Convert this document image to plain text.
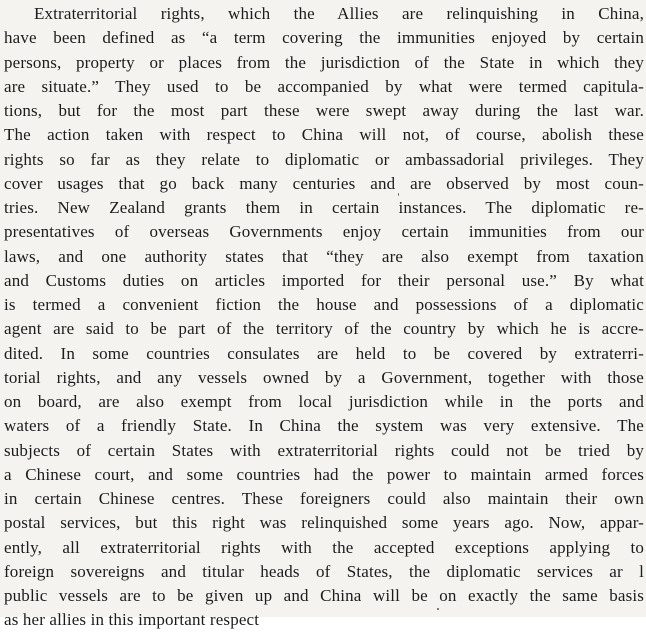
Extraterritorial rights, which the Allies are relinquishing in China,
have been defined as “a term covering the immunities enjoyed by certain
persons, property or places from the jurisdiction of the State in which they
are situate.” They used to be accompanied by what were termed capitula-
tions, but for the most part these were swept away during the last war.
The action taken with respect to China will not, of course, abolish these
rights so far as they relate to diplomatic or ambassadorial privileges. They
cover usages that go back many centuries and are observed by most coun-
tries. New Zealand grants them in certain instances. The diplomatic re-
presentatives of overseas Governments enjoy certain immunities from our
laws, and one authority states that “they are also exempt from taxation
and Customs duties on articles imported for their personal use.” By what
is termed a convenient fiction the house and possessions of a diplomatic
agent are said to be part of the territory of the country by which he is accre-
dited. In some countries consulates are held to be covered by extraterri-
torial rights, and any vessels owned by a Government, together with those
on board, are also exempt from local jurisdiction while in the ports and
waters of a friendly State. In China the system was very extensive. The
subjects of certain States with extraterritorial rights could not be tried by
a Chinese court, and some countries had the power to maintain armed forces
in certain Chinese centres. These foreigners could also maintain their own
postal services, but this right was relinquished some years ago. Now, appar-
ently, all extraterritorial rights with the accepted exceptions applying to
foreign sovereigns and titular heads of States, the diplomatic services ar l
public vessels are to be given up and China will be on exactly the same basis
as her allies in this important respect
